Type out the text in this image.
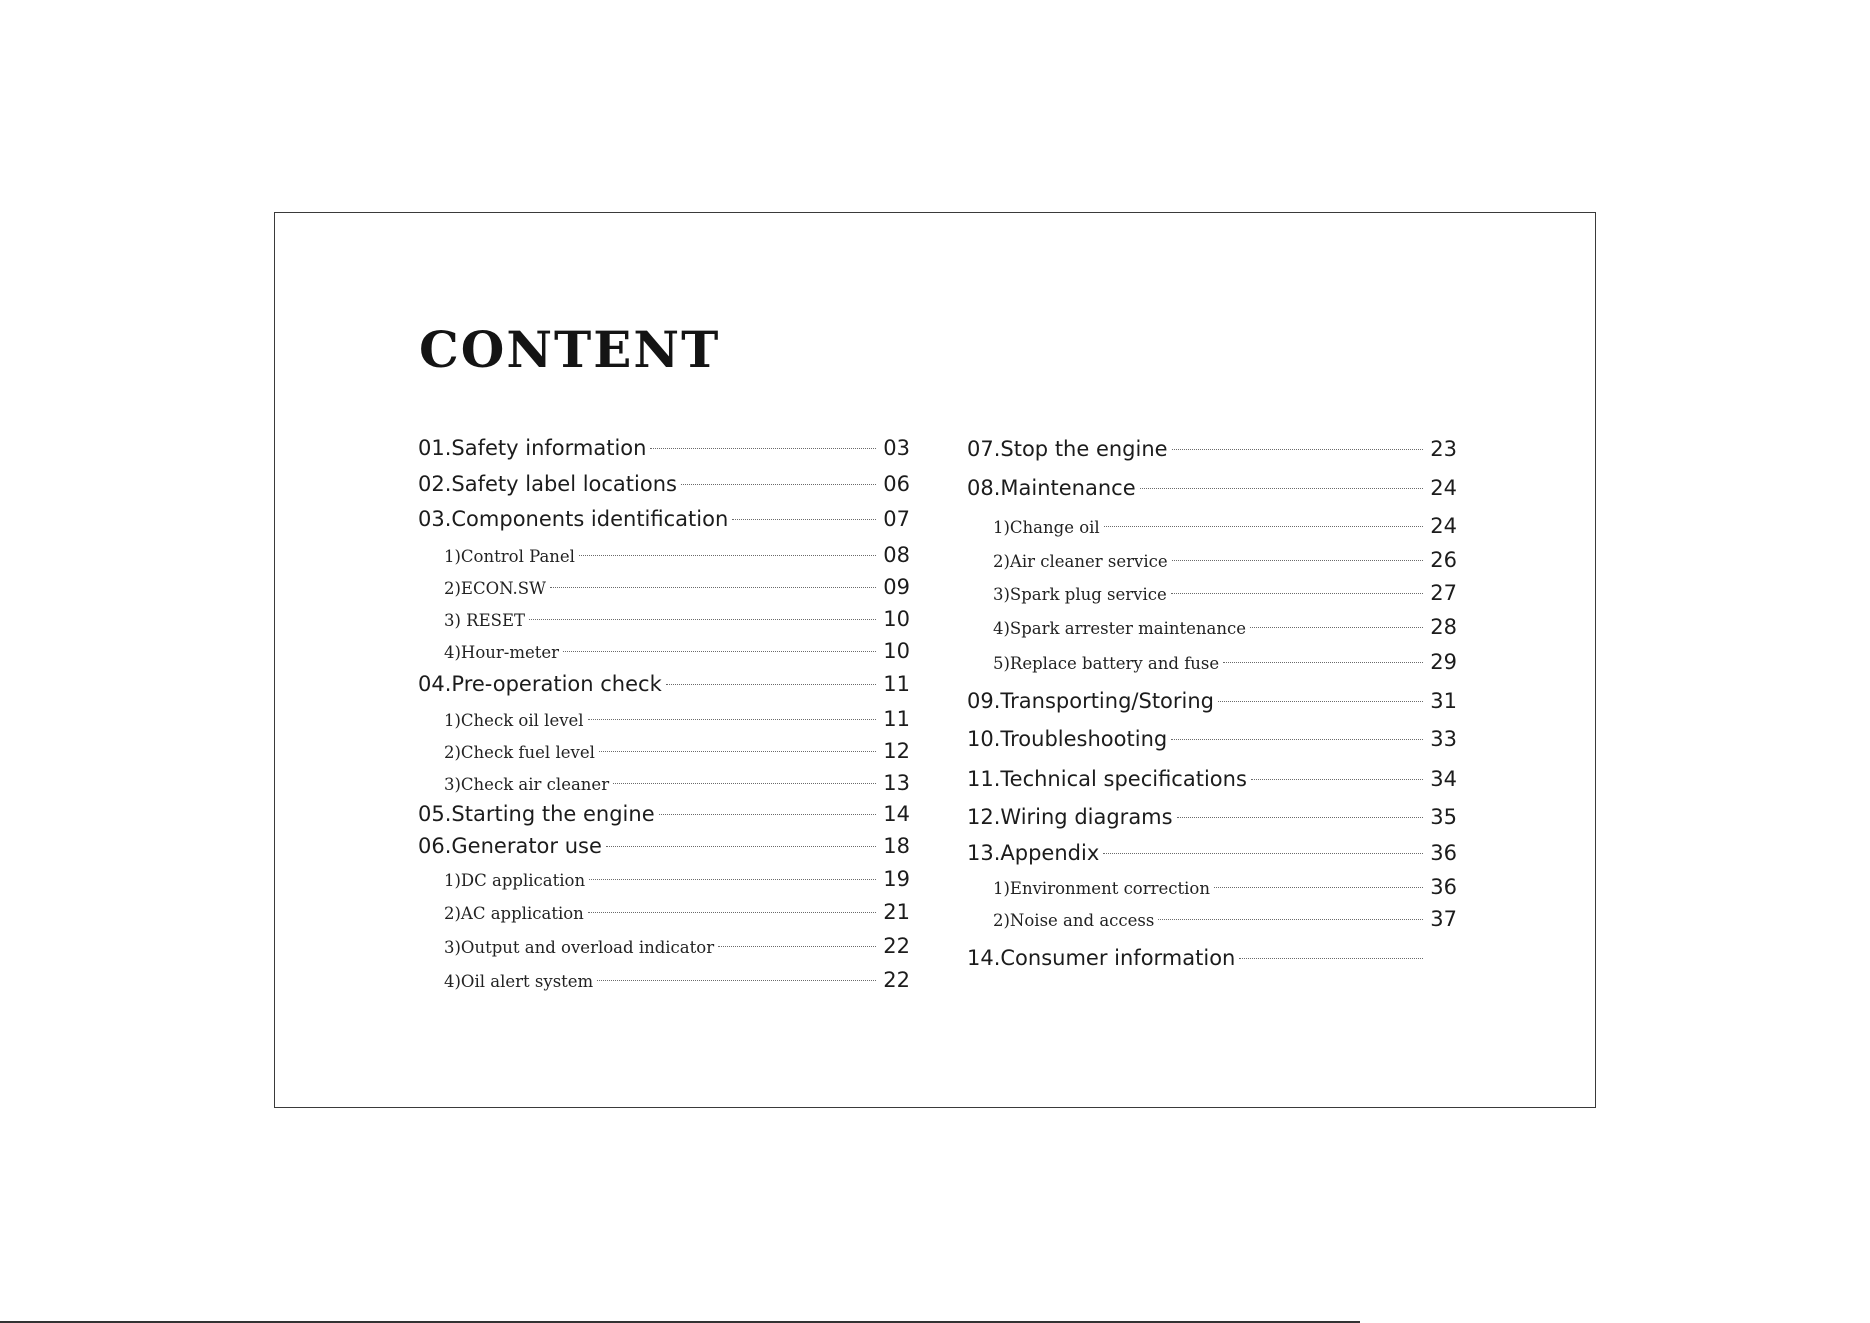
CONTENT
01.Safety information	03
02.Safety label locations	06
03.Components identification	07
1)Control Panel	08
2)ECON.SW	09
3) RESET	10
4)Hour-meter	10
04.Pre-operation check	11
1)Check oil level	11
2)Check fuel level	12
3)Check air cleaner	13
05.Starting the engine	14
06.Generator use	18
1)DC application	19
2)AC application	21
3)Output and overload indicator	22
4)Oil alert system	22
07.Stop the engine	23
08.Maintenance	24
1)Change oil	24
2)Air cleaner service	26
3)Spark plug service	27
4)Spark arrester maintenance	28
5)Replace battery and fuse	29
09.Transporting/Storing	31
10.Troubleshooting	33
11.Technical specifications	34
12.Wiring diagrams	35
13.Appendix	36
1)Environment correction	36
2)Noise and access	37
14.Consumer information
